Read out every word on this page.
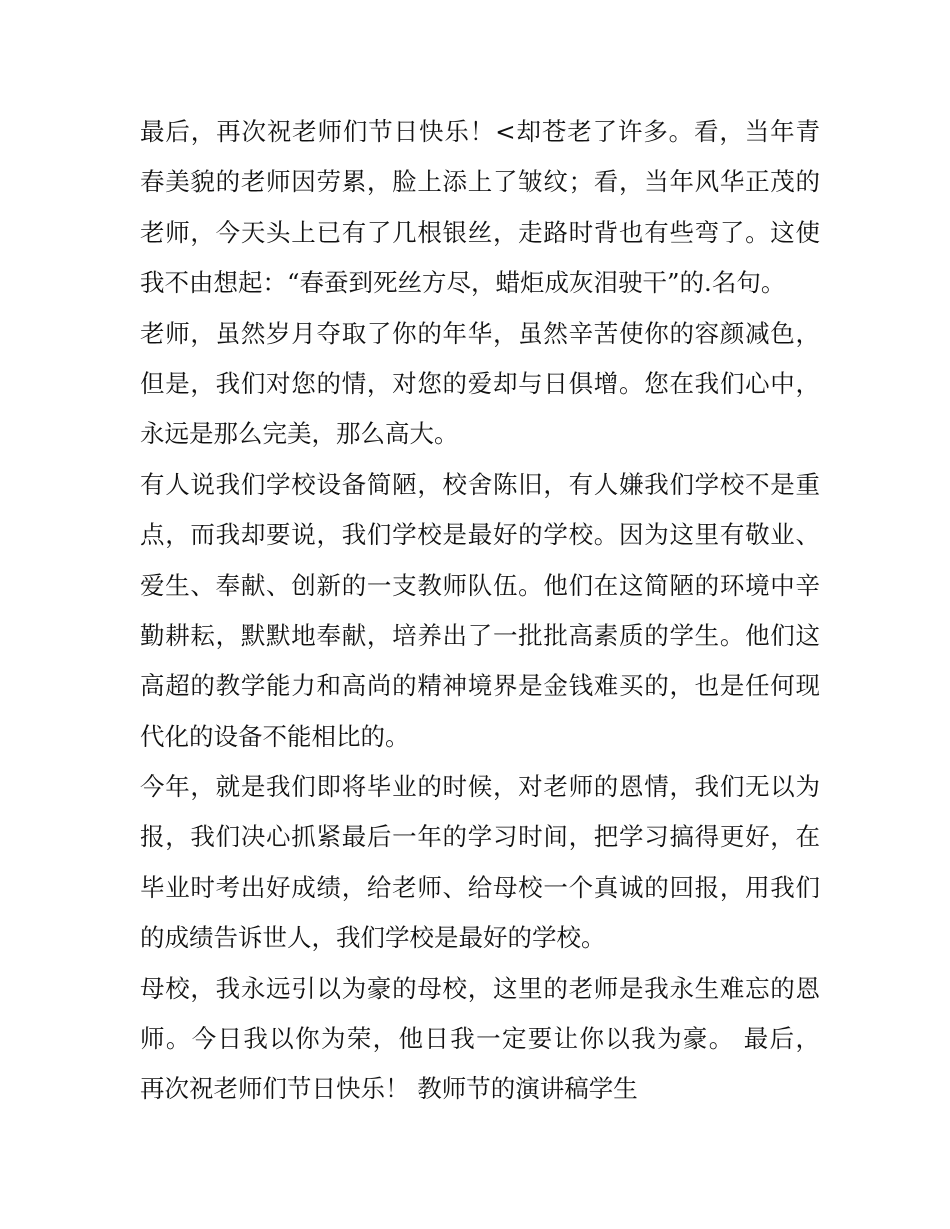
最后，再次祝老师们节日快乐！<却苍老了许多。看，当年青
春美貌的老师因劳累，脸上添上了皱纹；看，当年风华正茂的
老师，今天头上已有了几根银丝，走路时背也有些弯了。这使
我不由想起：“春蚕到死丝方尽，蜡炬成灰泪驶干”的.名句。
老师，虽然岁月夺取了你的年华，虽然辛苦使你的容颜减色，
但是，我们对您的情，对您的爱却与日俱增。您在我们心中，
永远是那么完美，那么高大。
有人说我们学校设备简陋，校舍陈旧，有人嫌我们学校不是重
点，而我却要说，我们学校是最好的学校。因为这里有敬业、
爱生、奉献、创新的一支教师队伍。他们在这简陋的环境中辛
勤耕耘，默默地奉献，培养出了一批批高素质的学生。他们这
高超的教学能力和高尚的精神境界是金钱难买的，也是任何现
代化的设备不能相比的。
今年，就是我们即将毕业的时候，对老师的恩情，我们无以为
报，我们决心抓紧最后一年的学习时间，把学习搞得更好，在
毕业时考出好成绩，给老师、给母校一个真诚的回报，用我们
的成绩告诉世人，我们学校是最好的学校。
母校，我永远引以为豪的母校，这里的老师是我永生难忘的恩
师。今日我以你为荣，他日我一定要让你以我为豪。 最后，
再次祝老师们节日快乐！ 教师节的演讲稿学生
